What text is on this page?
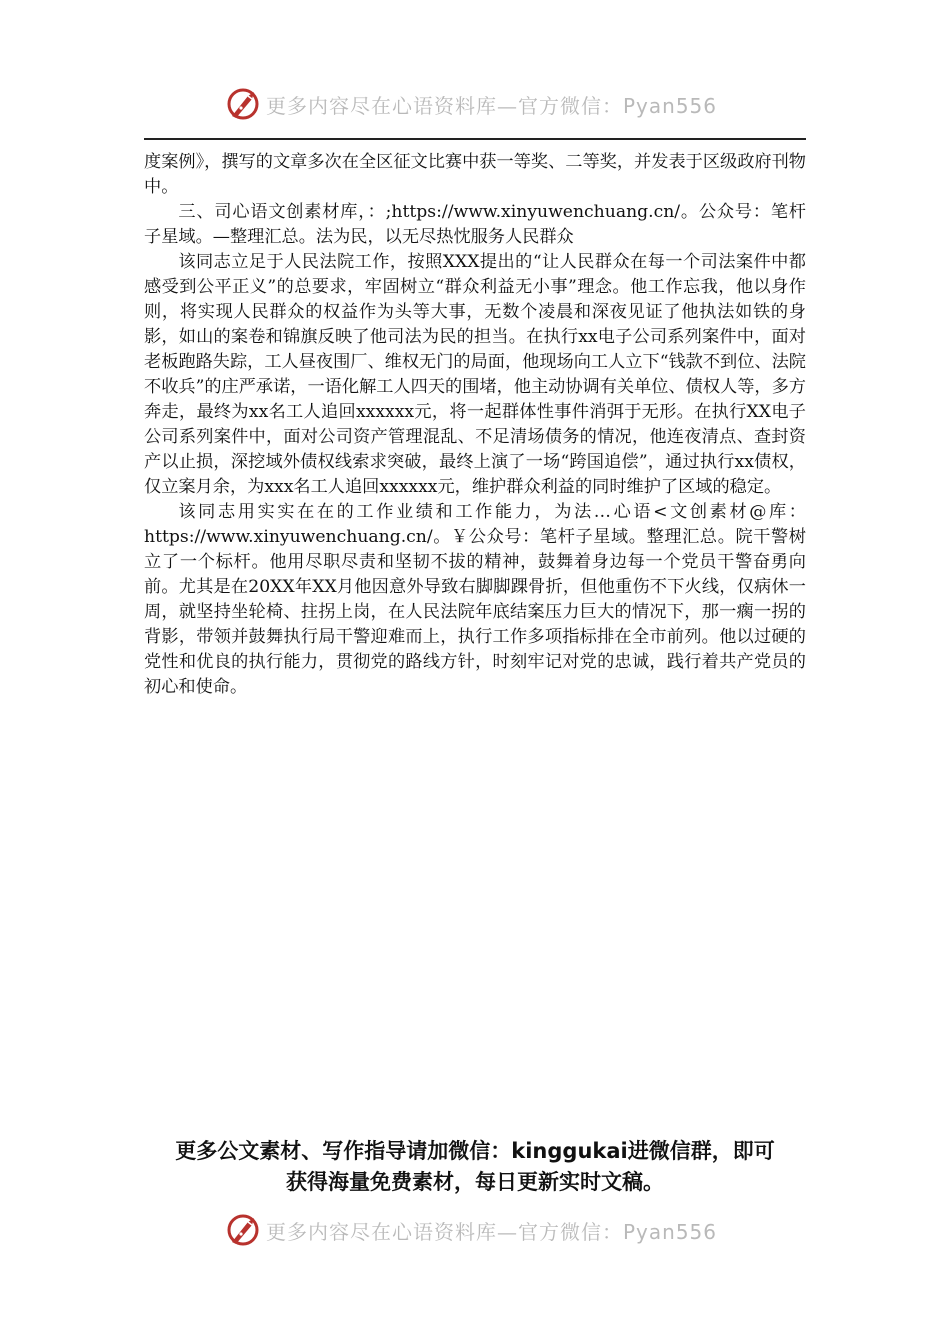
更多内容尽在心语资料库—官方微信：Pyan556

度案例》，撰写的文章多次在全区征文比赛中获一等奖、二等奖，并发表于区级政府刊物中。

三、司心语文创素材库，：;https://www.xinyuwenchuang.cn/。公众号：笔杆子星域。—整理汇总。法为民，以无尽热忱服务人民群众

该同志立足于人民法院工作，按照XXX提出的“让人民群众在每一个司法案件中都感受到公平正义”的总要求，牢固树立“群众利益无小事”理念。他工作忘我，他以身作则，将实现人民群众的权益作为头等大事，无数个凌晨和深夜见证了他执法如铁的身影，如山的案卷和锦旗反映了他司法为民的担当。在执行xx电子公司系列案件中，面对老板跑路失踪，工人昼夜围厂、维权无门的局面，他现场向工人立下“钱款不到位、法院不收兵”的庄严承诺，一语化解工人四天的围堵，他主动协调有关单位、债权人等，多方奔走，最终为xx名工人追回xxxxxx元，将一起群体性事件消弭于无形。在执行XX电子公司系列案件中，面对公司资产管理混乱、不足清场债务的情况，他连夜清点、查封资产以止损，深挖域外债权线索求突破，最终上演了一场“跨国追偿”，通过执行xx债权，仅立案月余，为xxx名工人追回xxxxxx元，维护群众利益的同时维护了区域的稳定。

该同志用实实在在的工作业绩和工作能力，为法…心语<文创素材@库：https://www.xinyuwenchuang.cn/。￥公众号：笔杆子星域。整理汇总。院干警树立了一个标杆。他用尽职尽责和坚韧不拔的精神，鼓舞着身边每一个党员干警奋勇向前。尤其是在20XX年XX月他因意外导致右脚脚踝骨折，但他重伤不下火线，仅病休一周，就坚持坐轮椅、拄拐上岗，在人民法院年底结案压力巨大的情况下，那一瘸一拐的背影，带领并鼓舞执行局干警迎难而上，执行工作多项指标排在全市前列。他以过硬的党性和优良的执行能力，贯彻党的路线方针，时刻牢记对党的忠诚，践行着共产党员的初心和使命。

更多公文素材、写作指导请加微信：kinggukai进微信群，即可
获得海量免费素材，每日更新实时文稿。
更多内容尽在心语资料库—官方微信：Pyan556
